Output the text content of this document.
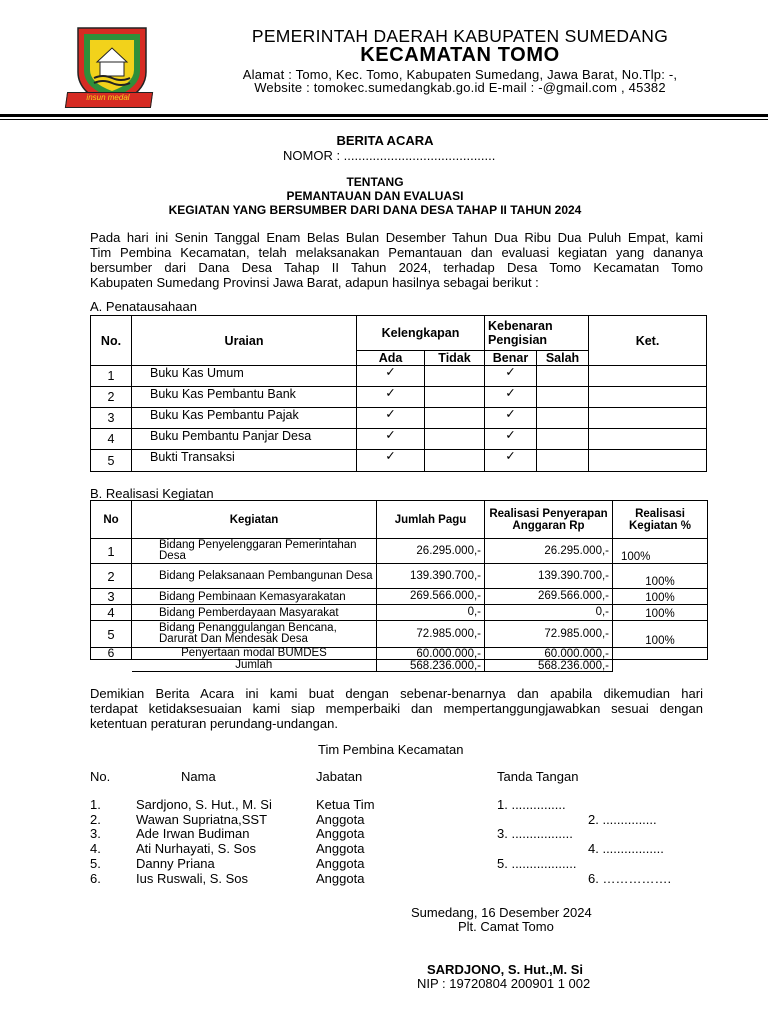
insun medal
PEMERINTAH DAERAH KABUPATEN SUMEDANG
KECAMATAN TOMO
Alamat : Tomo, Kec. Tomo, Kabupaten Sumedang, Jawa Barat, No.Tlp: -,
Website : tomokec.sumedangkab.go.id E-mail : -@gmail.com , 45382
BERITA ACARA
NOMOR : ..........................................
TENTANG
PEMANTAUAN DAN EVALUASI
KEGIATAN YANG BERSUMBER DARI DANA DESA TAHAP II TAHUN 2024
Pada hari ini Senin Tanggal Enam Belas Bulan Desember Tahun Dua Ribu Dua Puluh Empat, kami
Tim Pembina Kecamatan, telah melaksanakan Pemantauan dan evaluasi kegiatan yang dananya
bersumber dari Dana Desa Tahap II Tahun 2024, terhadap Desa Tomo Kecamatan Tomo
Kabupaten Sumedang Provinsi Jawa Barat, adapun hasilnya sebagai berikut :
A. Penatausahaan
No.	Uraian	Kelengkapan		Kebenaran Pengisian		Ket.
		Ada	Tidak	Benar	Salah	
1	Buku Kas Umum	✓		✓		
2	Buku Kas Pembantu Bank	✓		✓		
3	Buku Kas Pembantu Pajak	✓		✓		
4	Buku Pembantu Panjar Desa	✓		✓		
5	Bukti Transaksi	✓		✓		
B. Realisasi Kegiatan
No	Kegiatan	Jumlah Pagu	Realisasi Penyerapan Anggaran Rp	Realisasi Kegiatan %
1	Bidang Penyelenggaran Pemerintahan Desa	26.295.000,-	26.295.000,-	100%
2	Bidang Pelaksanaan Pembangunan Desa	139.390.700,-	139.390.700,-	100%
3	Bidang Pembinaan Kemasyarakatan	269.566.000,-	269.566.000,-	100%
4	Bidang Pemberdayaan Masyarakat	0,-	0,-	100%
5	Bidang Penanggulangan Bencana, Darurat Dan Mendesak Desa	72.985.000,-	72.985.000,-	100%
6	Penyertaan modal BUMDES	60.000.000,-	60.000.000,-	
	Jumlah	568.236.000,-	568.236.000,-	
Demikian Berita Acara ini kami buat dengan sebenar-benarnya dan apabila dikemudian hari
terdapat ketidaksesuaian kami siap memperbaiki dan mempertanggungjawabkan sesuai dengan
ketentuan peraturan perundang-undangan.
Tim Pembina Kecamatan
No.	Nama	Jabatan	Tanda Tangan
1.	Sardjono, S. Hut., M. Si	Ketua Tim	1. ...............
2.	Wawan Supriatna,SST	Anggota	2. ...............
3.	Ade Irwan Budiman	Anggota	3. .................
4.	Ati Nurhayati, S. Sos	Anggota	4. .................
5.	Danny Priana	Anggota	5. ..................
6.	Ius Ruswali, S. Sos	Anggota	6. …………….
Sumedang, 16 Desember 2024
Plt. Camat Tomo
SARDJONO, S. Hut.,M. Si
NIP : 19720804 200901 1 002
